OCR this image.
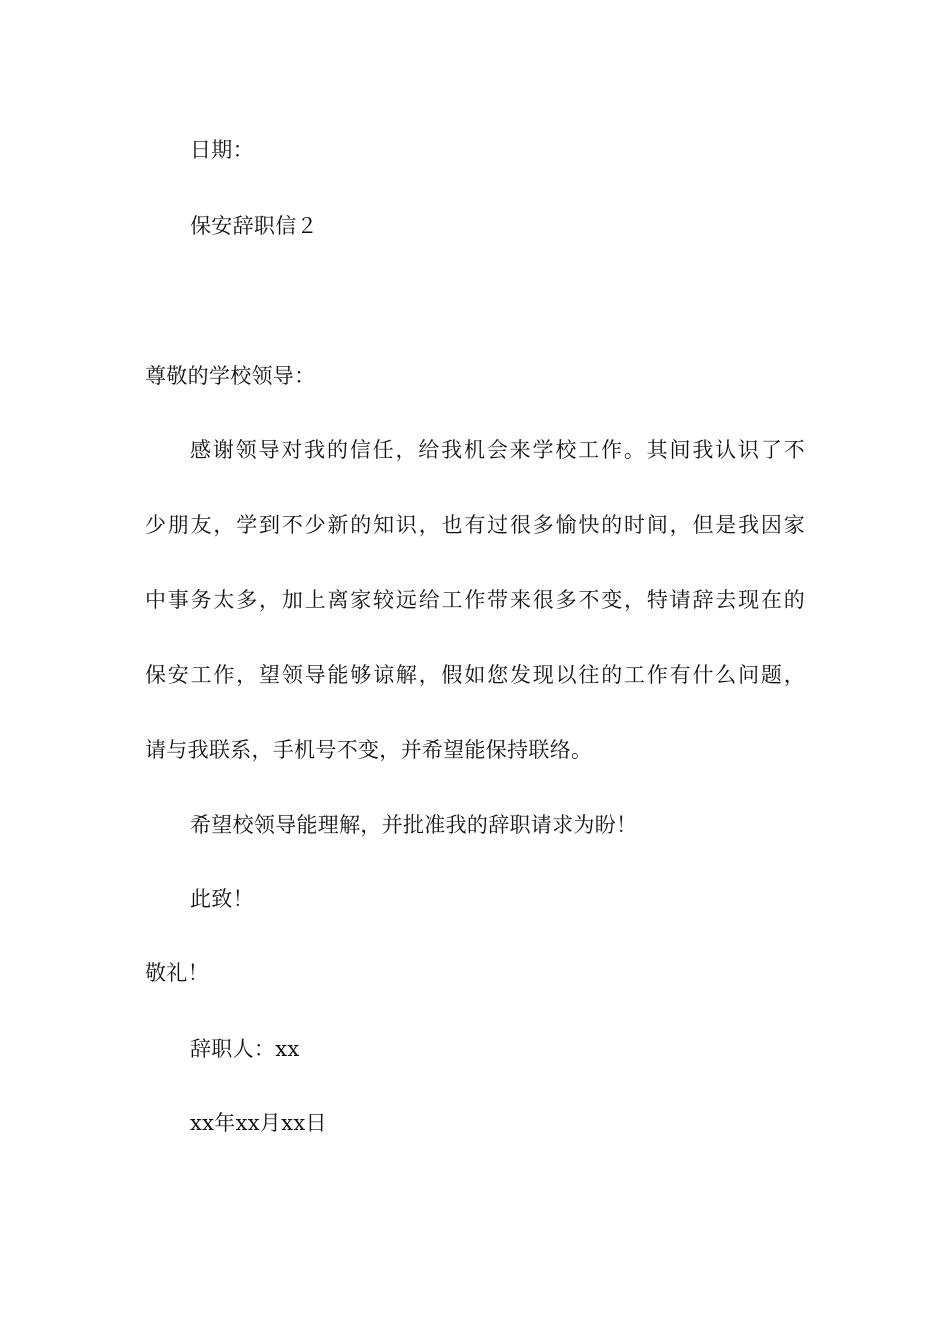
日期：
保安辞职信２
尊敬的学校领导：
感谢领导对我的信任，给我机会来学校工作。其间我认识了不
少朋友，学到不少新的知识，也有过很多愉快的时间，但是我因家
中事务太多，加上离家较远给工作带来很多不变，特请辞去现在的
保安工作，望领导能够谅解，假如您发现以往的工作有什么问题，
请与我联系，手机号不变，并希望能保持联络。
希望校领导能理解，并批准我的辞职请求为盼！
此致！
敬礼！
辞职人：xx
xx年xx月xx日
